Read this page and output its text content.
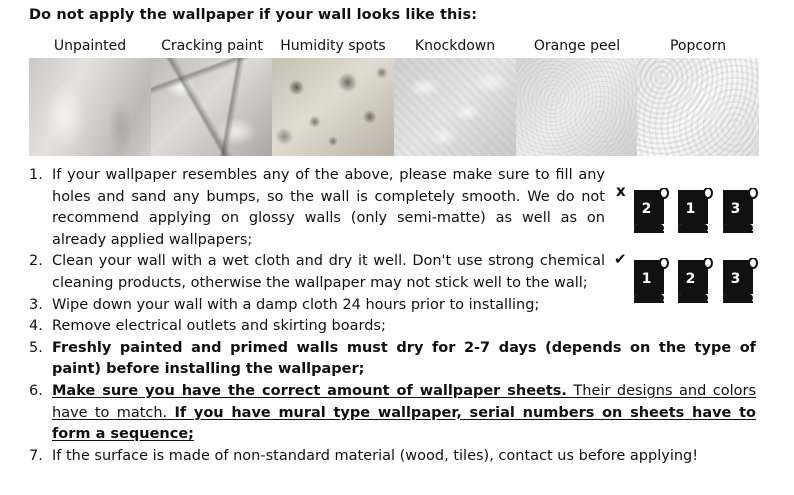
Do not apply the wallpaper if your wall looks like this:
Unpainted	Cracking paint	Humidity spots	Knockdown	Orange peel	Popcorn
1. If your wallpaper resembles any of the above, please make sure to fill any holes and sand any bumps, so the wall is completely smooth. We do not recommend applying on glossy walls (only semi-matte) as well as on already applied wallpapers;
2. Clean your wall with a wet cloth and dry it well. Don't use strong chemical cleaning products, otherwise the wallpaper may not stick well to the wall;
3. Wipe down your wall with a damp cloth 24 hours prior to installing;
4. Remove electrical outlets and skirting boards;
5. Freshly painted and primed walls must dry for 2-7 days (depends on the type of paint) before installing the wallpaper;
6. Make sure you have the correct amount of wallpaper sheets. Their designs and colors have to match. If you have mural type wallpaper, serial numbers on sheets have to form a sequence;
7. If the surface is made of non-standard material (wood, tiles), contact us before applying!
x
2	1	3
✔
1	2	3
